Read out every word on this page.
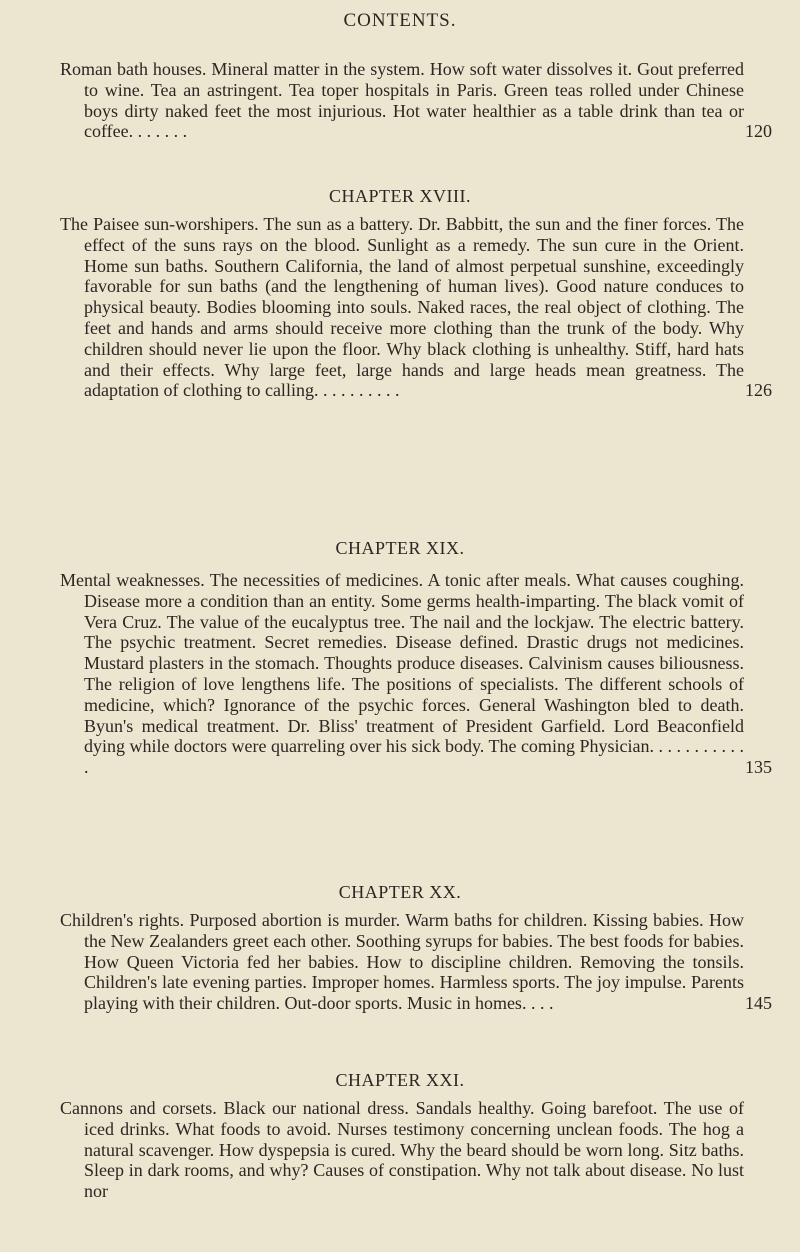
CONTENTS.
Roman bath houses. Mineral matter in the system. How soft water dissolves it. Gout preferred to wine. Tea an astringent. Tea toper hospitals in Paris. Green teas rolled under Chinese boys dirty naked feet the most injurious. Hot water healthier as a table drink than tea or coffee. . . . . . .	120
CHAPTER XVIII.
The Paisee sun-worshipers. The sun as a battery. Dr. Babbitt, the sun and the finer forces. The effect of the suns rays on the blood. Sunlight as a remedy. The sun cure in the Orient. Home sun baths. Southern California, the land of almost perpetual sunshine, exceedingly favorable for sun baths (and the lengthening of human lives). Good nature conduces to physical beauty. Bodies blooming into souls. Naked races, the real object of clothing. The feet and hands and arms should receive more clothing than the trunk of the body. Why children should never lie upon the floor. Why black clothing is unhealthy. Stiff, hard hats and their effects. Why large feet, large hands and large heads mean greatness. The adaptation of clothing to calling. . . . . . . . . .	126
CHAPTER XIX.
Mental weaknesses. The necessities of medicines. A tonic after meals. What causes coughing. Disease more a condition than an entity. Some germs health-imparting. The black vomit of Vera Cruz. The value of the eucalyptus tree. The nail and the lockjaw. The electric battery. The psychic treatment. Secret remedies. Disease defined. Drastic drugs not medicines. Mustard plasters in the stomach. Thoughts produce diseases. Calvinism causes biliousness. The religion of love lengthens life. The positions of specialists. The different schools of medicine, which? Ignorance of the psychic forces. General Washington bled to death. Byun's medical treatment. Dr. Bliss' treatment of President Garfield. Lord Beaconfield dying while doctors were quarreling over his sick body. The coming Physician. . . . . . . . . . . .	135
CHAPTER XX.
Children's rights. Purposed abortion is murder. Warm baths for children. Kissing babies. How the New Zealanders greet each other. Soothing syrups for babies. The best foods for babies. How Queen Victoria fed her babies. How to discipline children. Removing the tonsils. Children's late evening parties. Improper homes. Harmless sports. The joy impulse. Parents playing with their children. Out-door sports. Music in homes. . . .	145
CHAPTER XXI.
Cannons and corsets. Black our national dress. Sandals healthy. Going barefoot. The use of iced drinks. What foods to avoid. Nurses testimony concerning unclean foods. The hog a natural scavenger. How dyspepsia is cured. Why the beard should be worn long. Sitz baths. Sleep in dark rooms, and why? Causes of constipation. Why not talk about disease. No lust nor
